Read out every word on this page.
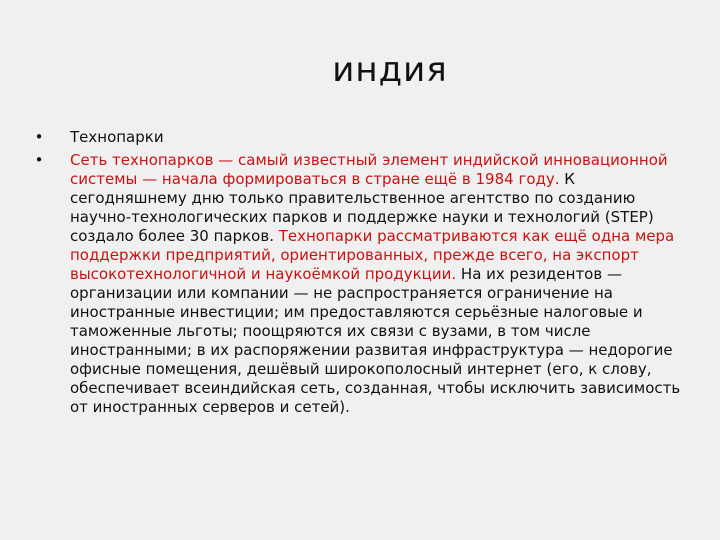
индия
• Технопарки
• Сеть технопарков — самый известный элемент индийской инновационной системы — начала формироваться в стране ещё в 1984 году. К сегодняшнему дню только правительственное агентство по созданию научно-технологических парков и поддержке науки и технологий (STEP) создало более 30 парков. Технопарки рассматриваются как ещё одна мера поддержки предприятий, ориентированных, прежде всего, на экспорт высокотехнологичной и наукоёмкой продукции. На их резидентов — организации или компании — не распространяется ограничение на иностранные инвестиции; им предоставляются серьёзные налоговые и таможенные льготы; поощряются их связи с вузами, в том числе иностранными; в их распоряжении развитая инфраструктура — недорогие офисные помещения, дешёвый широкополосный интернет (его, к слову, обеспечивает всеиндийская сеть, созданная, чтобы исключить зависимость от иностранных серверов и сетей).
